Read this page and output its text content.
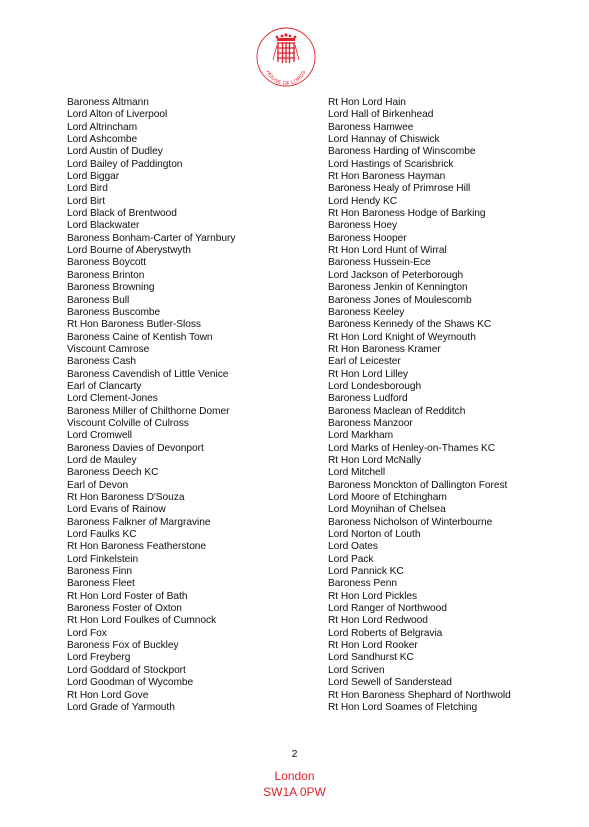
HOUSE OF LORDS
Baroness Altmann
Lord Alton of Liverpool
Lord Altrincham
Lord Ashcombe
Lord Austin of Dudley
Lord Bailey of Paddington
Lord Biggar
Lord Bird
Lord Birt
Lord Black of Brentwood
Lord Blackwater
Baroness Bonham-Carter of Yarnbury
Lord Bourne of Aberystwyth
Baroness Boycott
Baroness Brinton
Baroness Browning
Baroness Bull
Baroness Buscombe
Rt Hon Baroness Butler-Sloss
Baroness Caine of Kentish Town
Viscount Camrose
Baroness Cash
Baroness Cavendish of Little Venice
Earl of Clancarty
Lord Clement-Jones
Baroness Miller of Chilthorne Domer
Viscount Colville of Culross
Lord Cromwell
Baroness Davies of Devonport
Lord de Mauley
Baroness Deech KC
Earl of Devon
Rt Hon Baroness D'Souza
Lord Evans of Rainow
Baroness Falkner of Margravine
Lord Faulks KC
Rt Hon Baroness Featherstone
Lord Finkelstein
Baroness Finn
Baroness Fleet
Rt Hon Lord Foster of Bath
Baroness Foster of Oxton
Rt Hon Lord Foulkes of Cumnock
Lord Fox
Baroness Fox of Buckley
Lord Freyberg
Lord Goddard of Stockport
Lord Goodman of Wycombe
Rt Hon Lord Gove
Lord Grade of Yarmouth
Rt Hon Lord Hain
Lord Hall of Birkenhead
Baroness Hamwee
Lord Hannay of Chiswick
Baroness Harding of Winscombe
Lord Hastings of Scarisbrick
Rt Hon Baroness Hayman
Baroness Healy of Primrose Hill
Lord Hendy KC
Rt Hon Baroness Hodge of Barking
Baroness Hoey
Baroness Hooper
Rt Hon Lord Hunt of Wirral
Baroness Hussein-Ece
Lord Jackson of Peterborough
Baroness Jenkin of Kennington
Baroness Jones of Moulescomb
Baroness Keeley
Baroness Kennedy of the Shaws KC
Rt Hon Lord Knight of Weymouth
Rt Hon Baroness Kramer
Earl of Leicester
Rt Hon Lord Lilley
Lord Londesborough
Baroness Ludford
Baroness Maclean of Redditch
Baroness Manzoor
Lord Markham
Lord Marks of Henley-on-Thames KC
Rt Hon Lord McNally
Lord Mitchell
Baroness Monckton of Dallington Forest
Lord Moore of Etchingham
Lord Moynihan of Chelsea
Baroness Nicholson of Winterbourne
Lord Norton of Louth
Lord Oates
Lord Pack
Lord Pannick KC
Baroness Penn
Rt Hon Lord Pickles
Lord Ranger of Northwood
Rt Hon Lord Redwood
Lord Roberts of Belgravia
Rt Hon Lord Rooker
Lord Sandhurst KC
Lord Scriven
Lord Sewell of Sanderstead
Rt Hon Baroness Shephard of Northwold
Rt Hon Lord Soames of Fletching
2
London
SW1A 0PW
